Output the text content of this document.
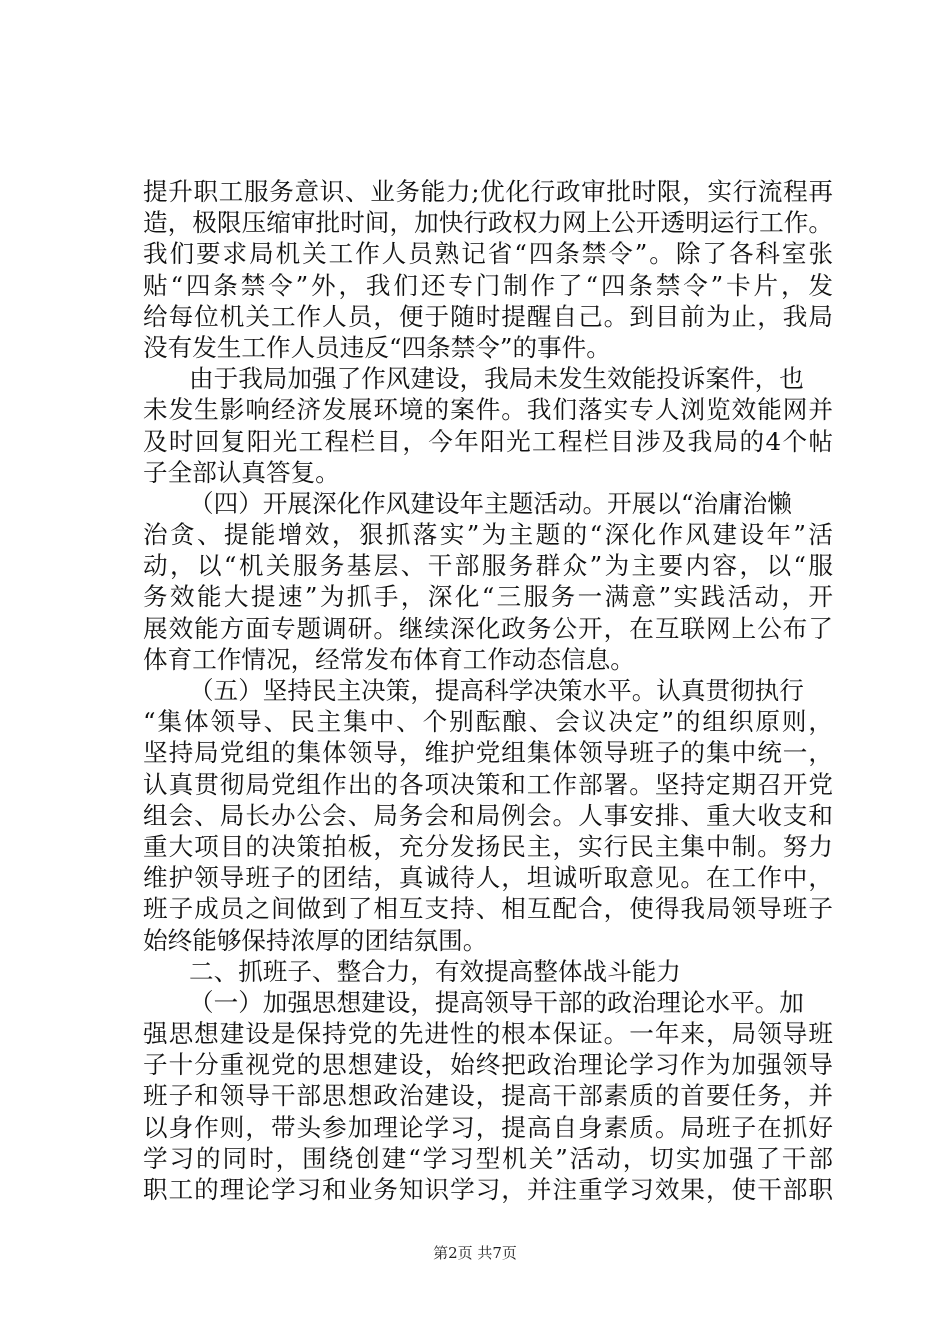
提升职工服务意识、业务能力;优化行政审批时限，实行流程再
造，极限压缩审批时间，加快行政权力网上公开透明运行工作。
我们要求局机关工作人员熟记省“四条禁令”。除了各科室张
贴“四条禁令”外，我们还专门制作了“四条禁令”卡片，发
给每位机关工作人员，便于随时提醒自己。到目前为止，我局
没有发生工作人员违反“四条禁令”的事件。
由于我局加强了作风建设，我局未发生效能投诉案件，也
未发生影响经济发展环境的案件。我们落实专人浏览效能网并
及时回复阳光工程栏目，今年阳光工程栏目涉及我局的4个帖
子全部认真答复。
（四）开展深化作风建设年主题活动。开展以“治庸治懒
治贪、提能增效，狠抓落实”为主题的“深化作风建设年”活
动，以“机关服务基层、干部服务群众”为主要内容，以“服
务效能大提速”为抓手，深化“三服务一满意”实践活动，开
展效能方面专题调研。继续深化政务公开，在互联网上公布了
体育工作情况，经常发布体育工作动态信息。
（五）坚持民主决策，提高科学决策水平。认真贯彻执行
“集体领导、民主集中、个别酝酿、会议决定”的组织原则，
坚持局党组的集体领导，维护党组集体领导班子的集中统一，
认真贯彻局党组作出的各项决策和工作部署。坚持定期召开党
组会、局长办公会、局务会和局例会。人事安排、重大收支和
重大项目的决策拍板，充分发扬民主，实行民主集中制。努力
维护领导班子的团结，真诚待人，坦诚听取意见。在工作中，
班子成员之间做到了相互支持、相互配合，使得我局领导班子
始终能够保持浓厚的团结氛围。
二、抓班子、整合力，有效提高整体战斗能力
（一）加强思想建设，提高领导干部的政治理论水平。加
强思想建设是保持党的先进性的根本保证。一年来，局领导班
子十分重视党的思想建设，始终把政治理论学习作为加强领导
班子和领导干部思想政治建设，提高干部素质的首要任务，并
以身作则，带头参加理论学习，提高自身素质。局班子在抓好
学习的同时，围绕创建“学习型机关”活动，切实加强了干部
职工的理论学习和业务知识学习，并注重学习效果，使干部职
第2页 共7页
